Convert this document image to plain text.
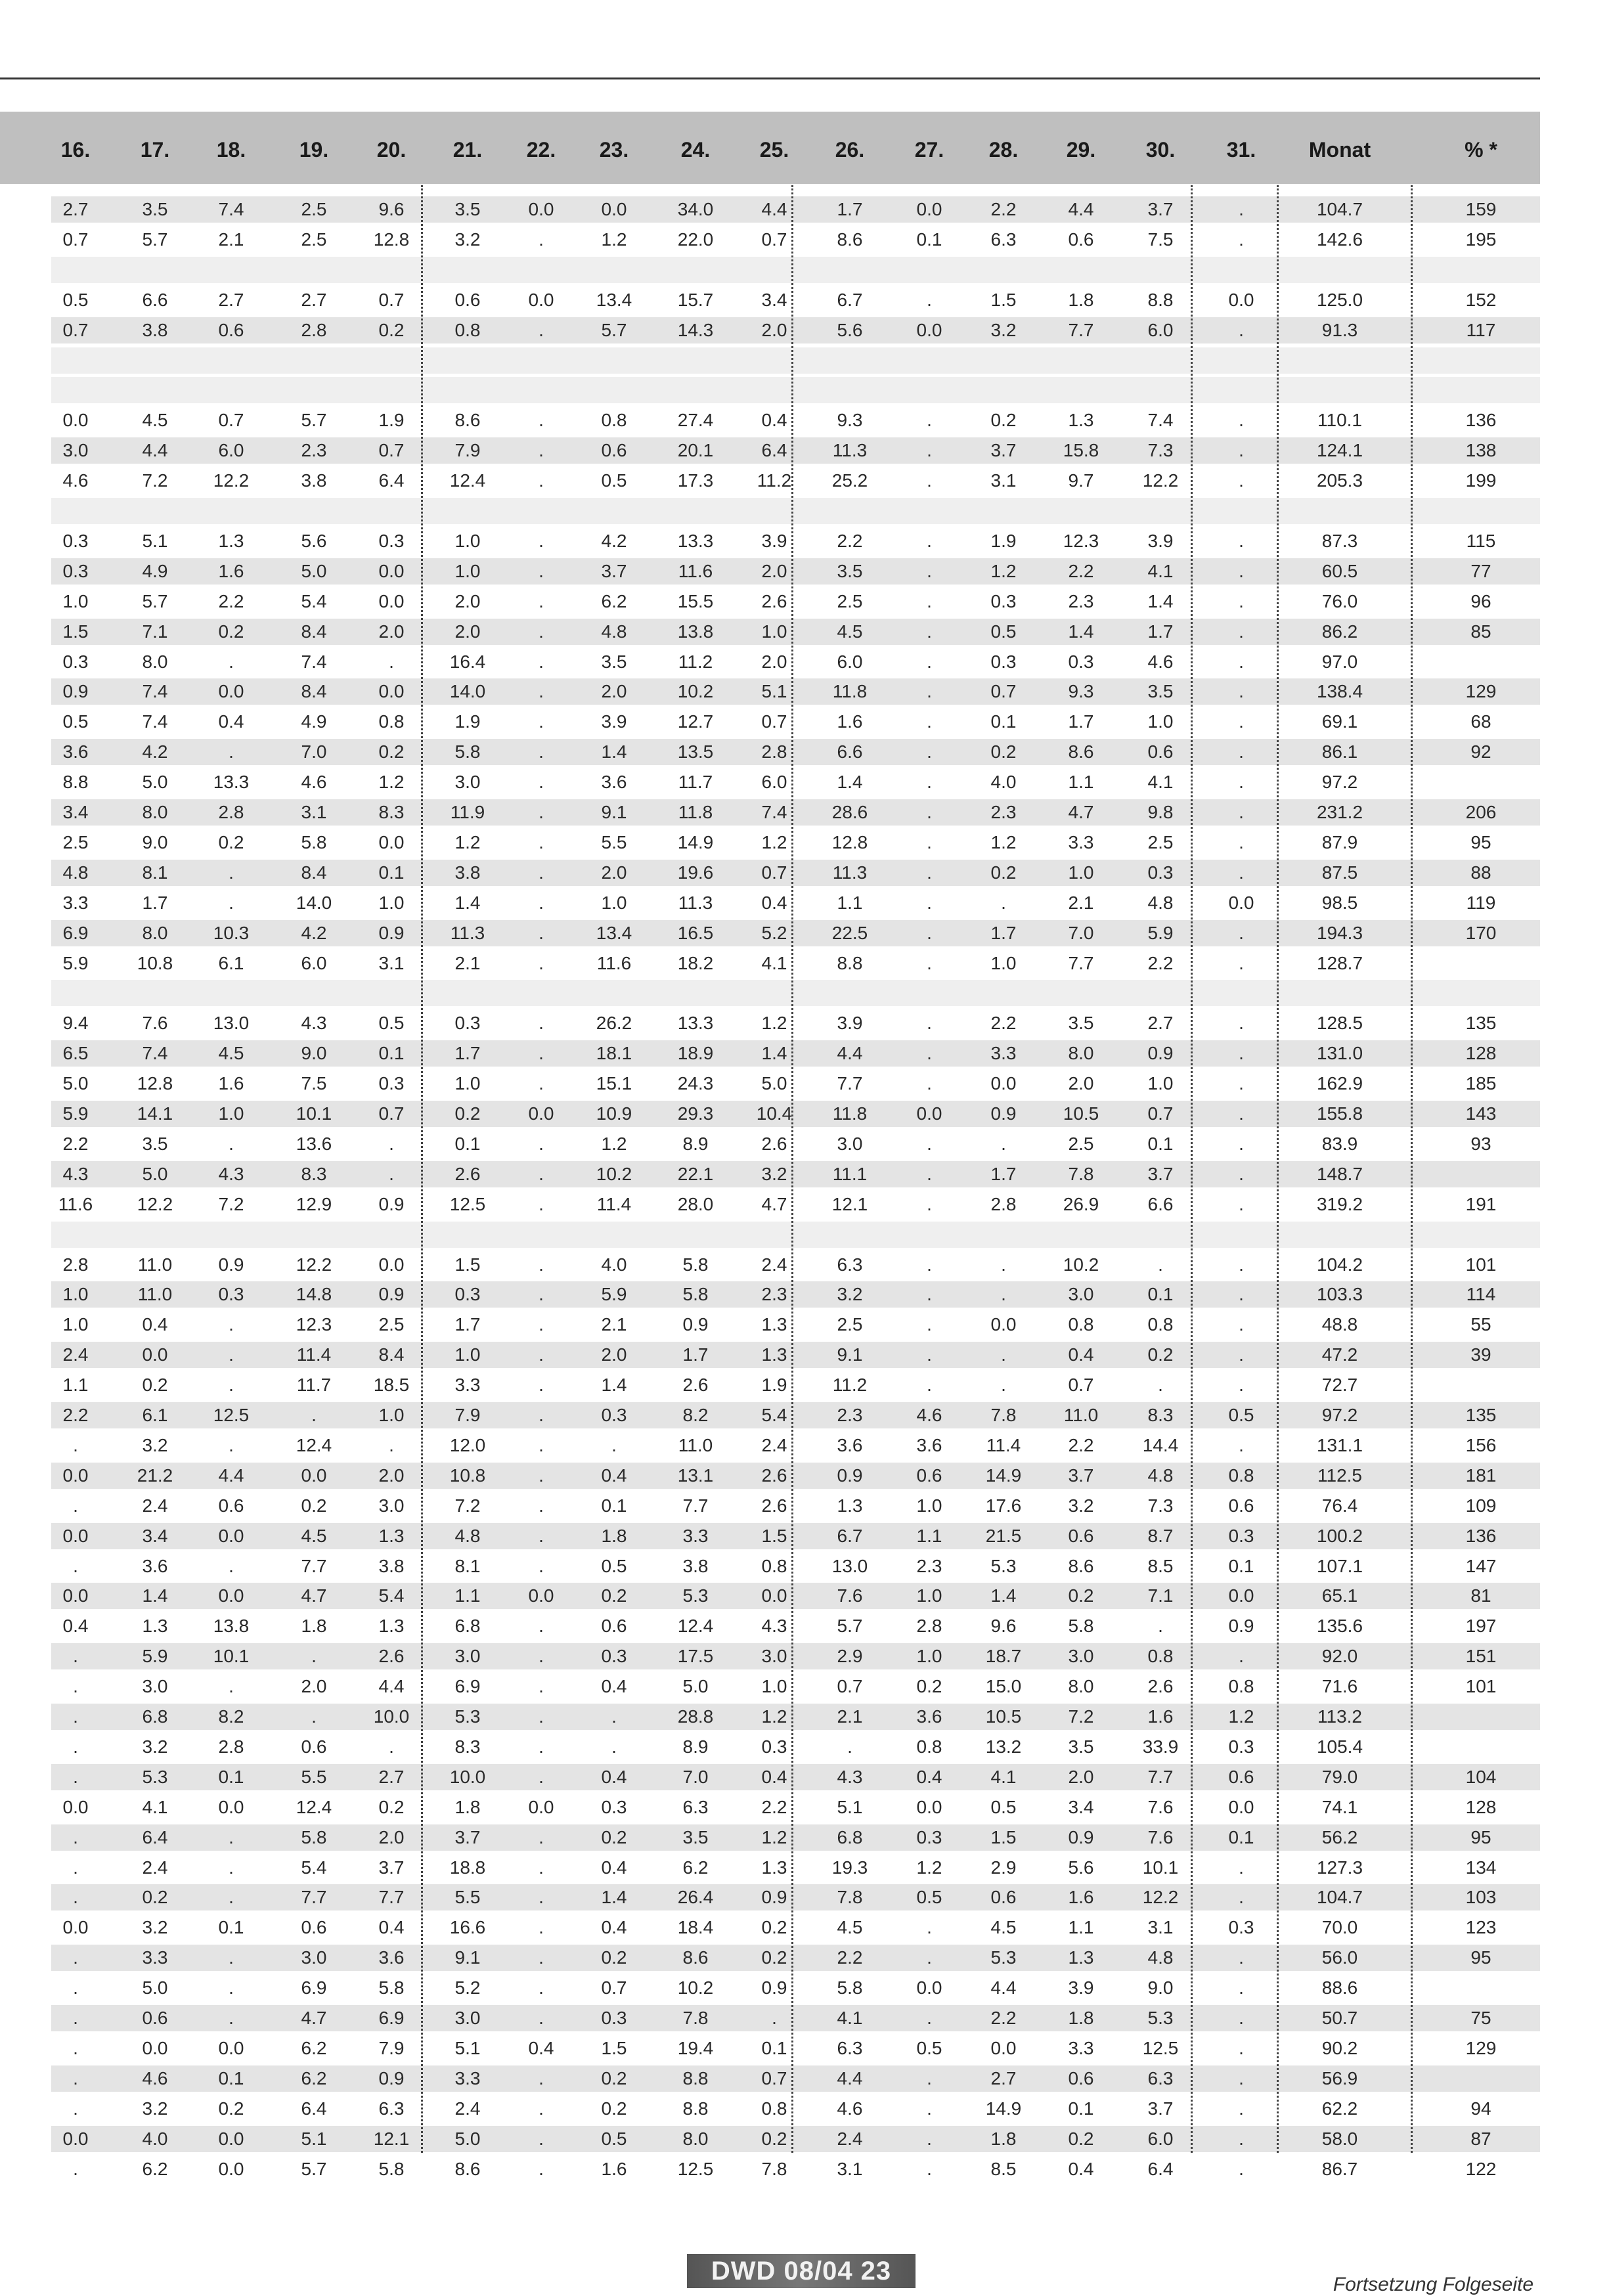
16.	17.	18.	19.	20.	21.	22.	23.	24.	25.	26.	27.	28.	29.	30.	31.	Monat	% *
2.7	3.5	7.4	2.5	9.6	3.5	0.0	0.0	34.0	4.4	1.7	0.0	2.2	4.4	3.7	.	104.7	159
0.7	5.7	2.1	2.5	12.8	3.2	.	1.2	22.0	0.7	8.6	0.1	6.3	0.6	7.5	.	142.6	195
0.5	6.6	2.7	2.7	0.7	0.6	0.0	13.4	15.7	3.4	6.7	.	1.5	1.8	8.8	0.0	125.0	152
0.7	3.8	0.6	2.8	0.2	0.8	.	5.7	14.3	2.0	5.6	0.0	3.2	7.7	6.0	.	91.3	117
0.0	4.5	0.7	5.7	1.9	8.6	.	0.8	27.4	0.4	9.3	.	0.2	1.3	7.4	.	110.1	136
3.0	4.4	6.0	2.3	0.7	7.9	.	0.6	20.1	6.4	11.3	.	3.7	15.8	7.3	.	124.1	138
4.6	7.2	12.2	3.8	6.4	12.4	.	0.5	17.3	11.2	25.2	.	3.1	9.7	12.2	.	205.3	199
0.3	5.1	1.3	5.6	0.3	1.0	.	4.2	13.3	3.9	2.2	.	1.9	12.3	3.9	.	87.3	115
0.3	4.9	1.6	5.0	0.0	1.0	.	3.7	11.6	2.0	3.5	.	1.2	2.2	4.1	.	60.5	77
1.0	5.7	2.2	5.4	0.0	2.0	.	6.2	15.5	2.6	2.5	.	0.3	2.3	1.4	.	76.0	96
1.5	7.1	0.2	8.4	2.0	2.0	.	4.8	13.8	1.0	4.5	.	0.5	1.4	1.7	.	86.2	85
0.3	8.0	.	7.4	.	16.4	.	3.5	11.2	2.0	6.0	.	0.3	0.3	4.6	.	97.0
0.9	7.4	0.0	8.4	0.0	14.0	.	2.0	10.2	5.1	11.8	.	0.7	9.3	3.5	.	138.4	129
0.5	7.4	0.4	4.9	0.8	1.9	.	3.9	12.7	0.7	1.6	.	0.1	1.7	1.0	.	69.1	68
3.6	4.2	.	7.0	0.2	5.8	.	1.4	13.5	2.8	6.6	.	0.2	8.6	0.6	.	86.1	92
8.8	5.0	13.3	4.6	1.2	3.0	.	3.6	11.7	6.0	1.4	.	4.0	1.1	4.1	.	97.2
3.4	8.0	2.8	3.1	8.3	11.9	.	9.1	11.8	7.4	28.6	.	2.3	4.7	9.8	.	231.2	206
2.5	9.0	0.2	5.8	0.0	1.2	.	5.5	14.9	1.2	12.8	.	1.2	3.3	2.5	.	87.9	95
4.8	8.1	.	8.4	0.1	3.8	.	2.0	19.6	0.7	11.3	.	0.2	1.0	0.3	.	87.5	88
3.3	1.7	.	14.0	1.0	1.4	.	1.0	11.3	0.4	1.1	.	.	2.1	4.8	0.0	98.5	119
6.9	8.0	10.3	4.2	0.9	11.3	.	13.4	16.5	5.2	22.5	.	1.7	7.0	5.9	.	194.3	170
5.9	10.8	6.1	6.0	3.1	2.1	.	11.6	18.2	4.1	8.8	.	1.0	7.7	2.2	.	128.7
9.4	7.6	13.0	4.3	0.5	0.3	.	26.2	13.3	1.2	3.9	.	2.2	3.5	2.7	.	128.5	135
6.5	7.4	4.5	9.0	0.1	1.7	.	18.1	18.9	1.4	4.4	.	3.3	8.0	0.9	.	131.0	128
5.0	12.8	1.6	7.5	0.3	1.0	.	15.1	24.3	5.0	7.7	.	0.0	2.0	1.0	.	162.9	185
5.9	14.1	1.0	10.1	0.7	0.2	0.0	10.9	29.3	10.4	11.8	0.0	0.9	10.5	0.7	.	155.8	143
2.2	3.5	.	13.6	.	0.1	.	1.2	8.9	2.6	3.0	.	.	2.5	0.1	.	83.9	93
4.3	5.0	4.3	8.3	.	2.6	.	10.2	22.1	3.2	11.1	.	1.7	7.8	3.7	.	148.7
11.6	12.2	7.2	12.9	0.9	12.5	.	11.4	28.0	4.7	12.1	.	2.8	26.9	6.6	.	319.2	191
2.8	11.0	0.9	12.2	0.0	1.5	.	4.0	5.8	2.4	6.3	.	.	10.2	.	.	104.2	101
1.0	11.0	0.3	14.8	0.9	0.3	.	5.9	5.8	2.3	3.2	.	.	3.0	0.1	.	103.3	114
1.0	0.4	.	12.3	2.5	1.7	.	2.1	0.9	1.3	2.5	.	0.0	0.8	0.8	.	48.8	55
2.4	0.0	.	11.4	8.4	1.0	.	2.0	1.7	1.3	9.1	.	.	0.4	0.2	.	47.2	39
1.1	0.2	.	11.7	18.5	3.3	.	1.4	2.6	1.9	11.2	.	.	0.7	.	.	72.7
2.2	6.1	12.5	.	1.0	7.9	.	0.3	8.2	5.4	2.3	4.6	7.8	11.0	8.3	0.5	97.2	135
.	3.2	.	12.4	.	12.0	.	.	11.0	2.4	3.6	3.6	11.4	2.2	14.4	.	131.1	156
0.0	21.2	4.4	0.0	2.0	10.8	.	0.4	13.1	2.6	0.9	0.6	14.9	3.7	4.8	0.8	112.5	181
.	2.4	0.6	0.2	3.0	7.2	.	0.1	7.7	2.6	1.3	1.0	17.6	3.2	7.3	0.6	76.4	109
0.0	3.4	0.0	4.5	1.3	4.8	.	1.8	3.3	1.5	6.7	1.1	21.5	0.6	8.7	0.3	100.2	136
.	3.6	.	7.7	3.8	8.1	.	0.5	3.8	0.8	13.0	2.3	5.3	8.6	8.5	0.1	107.1	147
0.0	1.4	0.0	4.7	5.4	1.1	0.0	0.2	5.3	0.0	7.6	1.0	1.4	0.2	7.1	0.0	65.1	81
0.4	1.3	13.8	1.8	1.3	6.8	.	0.6	12.4	4.3	5.7	2.8	9.6	5.8	.	0.9	135.6	197
.	5.9	10.1	.	2.6	3.0	.	0.3	17.5	3.0	2.9	1.0	18.7	3.0	0.8	.	92.0	151
.	3.0	.	2.0	4.4	6.9	.	0.4	5.0	1.0	0.7	0.2	15.0	8.0	2.6	0.8	71.6	101
.	6.8	8.2	.	10.0	5.3	.	.	28.8	1.2	2.1	3.6	10.5	7.2	1.6	1.2	113.2
.	3.2	2.8	0.6	.	8.3	.	.	8.9	0.3	.	0.8	13.2	3.5	33.9	0.3	105.4
.	5.3	0.1	5.5	2.7	10.0	.	0.4	7.0	0.4	4.3	0.4	4.1	2.0	7.7	0.6	79.0	104
0.0	4.1	0.0	12.4	0.2	1.8	0.0	0.3	6.3	2.2	5.1	0.0	0.5	3.4	7.6	0.0	74.1	128
.	6.4	.	5.8	2.0	3.7	.	0.2	3.5	1.2	6.8	0.3	1.5	0.9	7.6	0.1	56.2	95
.	2.4	.	5.4	3.7	18.8	.	0.4	6.2	1.3	19.3	1.2	2.9	5.6	10.1	.	127.3	134
.	0.2	.	7.7	7.7	5.5	.	1.4	26.4	0.9	7.8	0.5	0.6	1.6	12.2	.	104.7	103
0.0	3.2	0.1	0.6	0.4	16.6	.	0.4	18.4	0.2	4.5	.	4.5	1.1	3.1	0.3	70.0	123
.	3.3	.	3.0	3.6	9.1	.	0.2	8.6	0.2	2.2	.	5.3	1.3	4.8	.	56.0	95
.	5.0	.	6.9	5.8	5.2	.	0.7	10.2	0.9	5.8	0.0	4.4	3.9	9.0	.	88.6
.	0.6	.	4.7	6.9	3.0	.	0.3	7.8	.	4.1	.	2.2	1.8	5.3	.	50.7	75
.	0.0	0.0	6.2	7.9	5.1	0.4	1.5	19.4	0.1	6.3	0.5	0.0	3.3	12.5	.	90.2	129
.	4.6	0.1	6.2	0.9	3.3	.	0.2	8.8	0.7	4.4	.	2.7	0.6	6.3	.	56.9
.	3.2	0.2	6.4	6.3	2.4	.	0.2	8.8	0.8	4.6	.	14.9	0.1	3.7	.	62.2	94
0.0	4.0	0.0	5.1	12.1	5.0	.	0.5	8.0	0.2	2.4	.	1.8	0.2	6.0	.	58.0	87
.	6.2	0.0	5.7	5.8	8.6	.	1.6	12.5	7.8	3.1	.	8.5	0.4	6.4	.	86.7	122
DWD 08/04 23	Fortsetzung Folgeseite
